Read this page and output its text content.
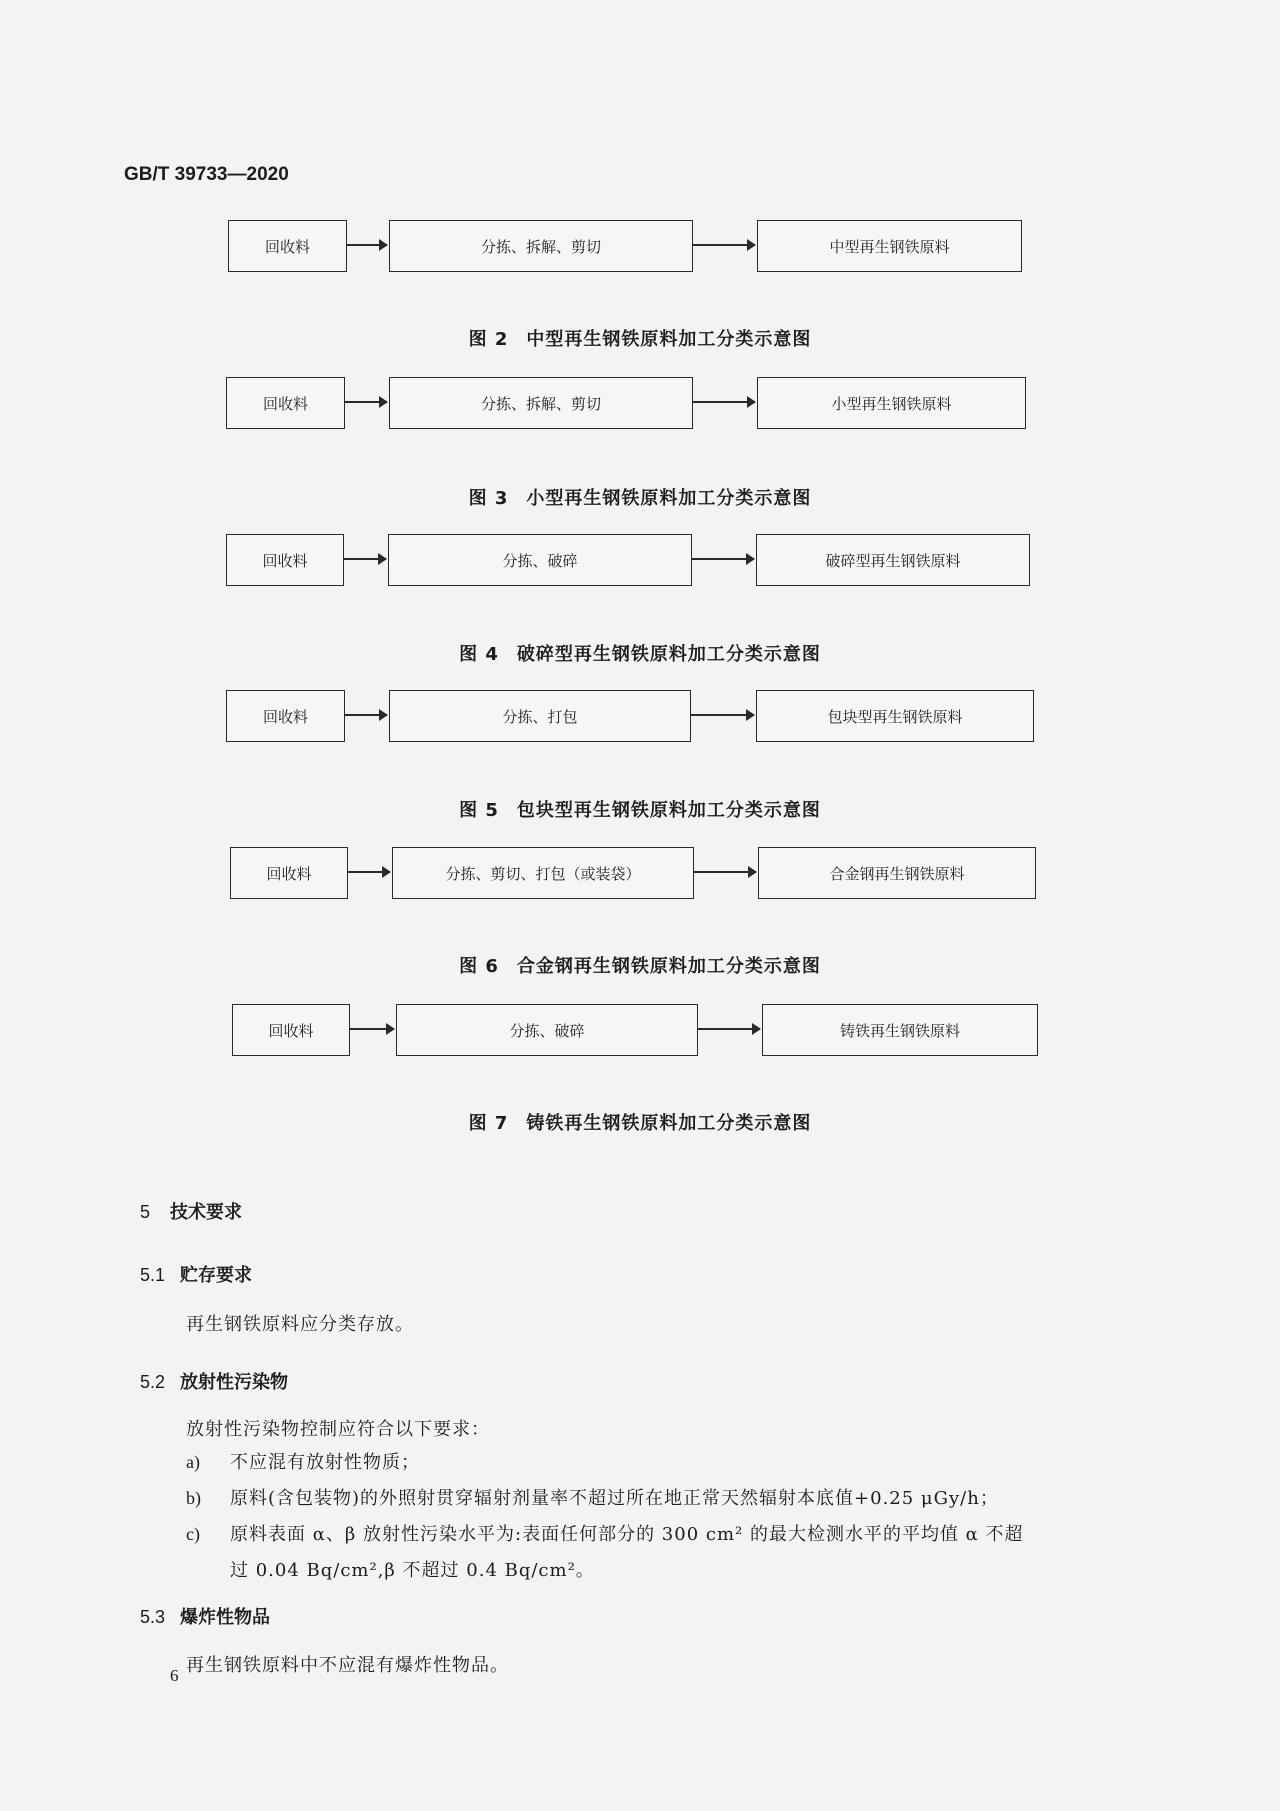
GB/T 39733—2020
回收料	分拣、拆解、剪切	中型再生钢铁原料
图 2 中型再生钢铁原料加工分类示意图
回收料	分拣、拆解、剪切	小型再生钢铁原料
图 3 小型再生钢铁原料加工分类示意图
回收料	分拣、破碎	破碎型再生钢铁原料
图 4 破碎型再生钢铁原料加工分类示意图
回收料	分拣、打包	包块型再生钢铁原料
图 5 包块型再生钢铁原料加工分类示意图
回收料	分拣、剪切、打包（或装袋）	合金钢再生钢铁原料
图 6 合金钢再生钢铁原料加工分类示意图
回收料	分拣、破碎	铸铁再生钢铁原料
图 7 铸铁再生钢铁原料加工分类示意图
5 技术要求
5.1 贮存要求
再生钢铁原料应分类存放。
5.2 放射性污染物
放射性污染物控制应符合以下要求：
a) 不应混有放射性物质；
b) 原料(含包装物)的外照射贯穿辐射剂量率不超过所在地正常天然辐射本底值+0.25 μGy/h；
c) 原料表面 α、β 放射性污染水平为:表面任何部分的 300 cm² 的最大检测水平的平均值 α 不超
过 0.04 Bq/cm²,β 不超过 0.4 Bq/cm²。
5.3 爆炸性物品
再生钢铁原料中不应混有爆炸性物品。
6
